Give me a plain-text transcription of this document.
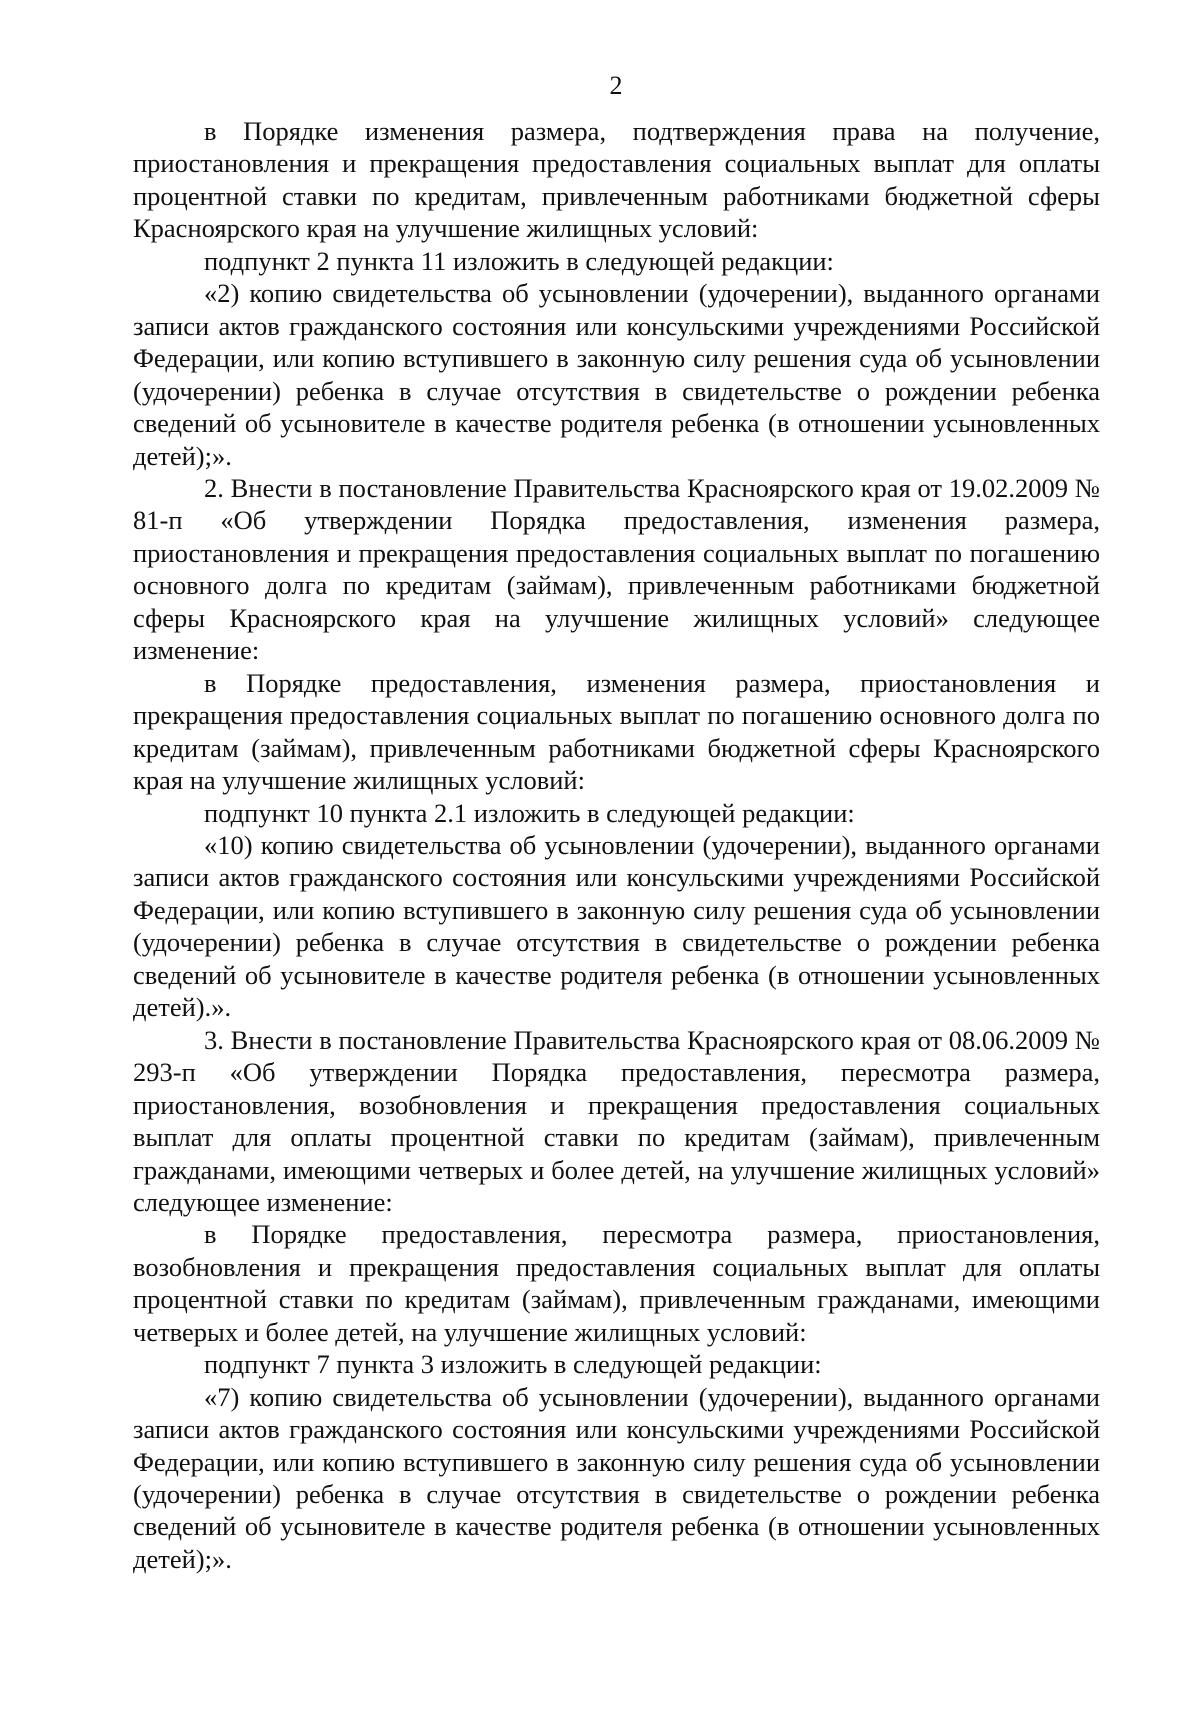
2

в Порядке изменения размера, подтверждения права на получение, приостановления и прекращения предоставления социальных выплат для оплаты процентной ставки по кредитам, привлеченным работниками бюджетной сферы Красноярского края на улучшение жилищных условий:

подпункт 2 пункта 11 изложить в следующей редакции:

«2) копию свидетельства об усыновлении (удочерении), выданного органами записи актов гражданского состояния или консульскими учреждениями Российской Федерации, или копию вступившего в законную силу решения суда об усыновлении (удочерении) ребенка в случае отсутствия в свидетельстве о рождении ребенка сведений об усыновителе в качестве родителя ребенка (в отношении усыновленных детей);».

2. Внести в постановление Правительства Красноярского края от 19.02.2009 № 81-п «Об утверждении Порядка предоставления, изменения размера, приостановления и прекращения предоставления социальных выплат по погашению основного долга по кредитам (займам), привлеченным работниками бюджетной сферы Красноярского края на улучшение жилищных условий» следующее изменение:

в Порядке предоставления, изменения размера, приостановления и прекращения предоставления социальных выплат по погашению основного долга по кредитам (займам), привлеченным работниками бюджетной сферы Красноярского края на улучшение жилищных условий:

подпункт 10 пункта 2.1 изложить в следующей редакции:

«10) копию свидетельства об усыновлении (удочерении), выданного органами записи актов гражданского состояния или консульскими учреждениями Российской Федерации, или копию вступившего в законную силу решения суда об усыновлении (удочерении) ребенка в случае отсутствия в свидетельстве о рождении ребенка сведений об усыновителе в качестве родителя ребенка (в отношении усыновленных детей).».

3. Внести в постановление Правительства Красноярского края от 08.06.2009 № 293-п «Об утверждении Порядка предоставления, пересмотра размера, приостановления, возобновления и прекращения предоставления социальных выплат для оплаты процентной ставки по кредитам (займам), привлеченным гражданами, имеющими четверых и более детей, на улучшение жилищных условий» следующее изменение:

в Порядке предоставления, пересмотра размера, приостановления, возобновления и прекращения предоставления социальных выплат для оплаты процентной ставки по кредитам (займам), привлеченным гражданами, имеющими четверых и более детей, на улучшение жилищных условий:

подпункт 7 пункта 3 изложить в следующей редакции:

«7) копию свидетельства об усыновлении (удочерении), выданного органами записи актов гражданского состояния или консульскими учреждениями Российской Федерации, или копию вступившего в законную силу решения суда об усыновлении (удочерении) ребенка в случае отсутствия в свидетельстве о рождении ребенка сведений об усыновителе в качестве родителя ребенка (в отношении усыновленных детей);».
